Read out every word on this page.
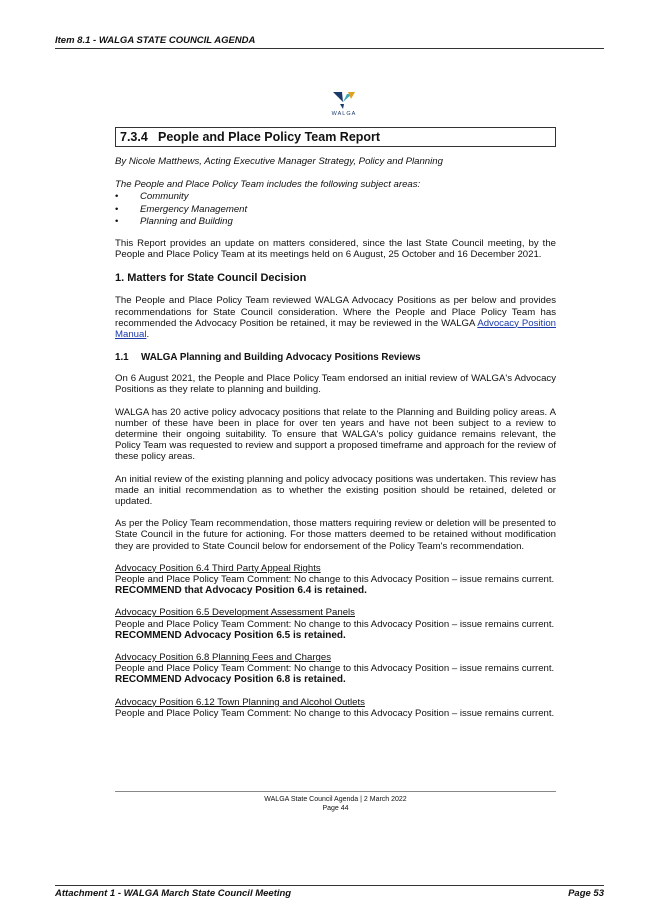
Item 8.1 - WALGA STATE COUNCIL AGENDA
WALGA
7.3.4 People and Place Policy Team Report

By Nicole Matthews, Acting Executive Manager Strategy, Policy and Planning

The People and Place Policy Team includes the following subject areas:

• Community
• Emergency Management
• Planning and Building

This Report provides an update on matters considered, since the last State Council meeting, by the People and Place Policy Team at its meetings held on 6 August, 25 October and 16 December 2021.

1. Matters for State Council Decision

The People and Place Policy Team reviewed WALGA Advocacy Positions as per below and provides recommendations for State Council consideration. Where the People and Place Policy Team has recommended the Advocacy Position be retained, it may be reviewed in the WALGA Advocacy Position Manual.

1.1 WALGA Planning and Building Advocacy Positions Reviews

On 6 August 2021, the People and Place Policy Team endorsed an initial review of WALGA's Advocacy Positions as they relate to planning and building.

WALGA has 20 active policy advocacy positions that relate to the Planning and Building policy areas. A number of these have been in place for over ten years and have not been subject to a review to determine their ongoing suitability. To ensure that WALGA's policy guidance remains relevant, the Policy Team was requested to review and support a proposed timeframe and approach for the review of these policy areas.

An initial review of the existing planning and policy advocacy positions was undertaken. This review has made an initial recommendation as to whether the existing position should be retained, deleted or updated.

As per the Policy Team recommendation, those matters requiring review or deletion will be presented to State Council in the future for actioning. For those matters deemed to be retained without modification they are provided to State Council below for endorsement of the Policy Team's recommendation.

Advocacy Position 6.4 Third Party Appeal Rights

People and Place Policy Team Comment: No change to this Advocacy Position – issue remains current.

RECOMMEND that Advocacy Position 6.4 is retained.

Advocacy Position 6.5 Development Assessment Panels

People and Place Policy Team Comment: No change to this Advocacy Position – issue remains current.

RECOMMEND Advocacy Position 6.5 is retained.

Advocacy Position 6.8 Planning Fees and Charges

People and Place Policy Team Comment: No change to this Advocacy Position – issue remains current.

RECOMMEND Advocacy Position 6.8 is retained.

Advocacy Position 6.12 Town Planning and Alcohol Outlets

People and Place Policy Team Comment: No change to this Advocacy Position – issue remains current.

WALGA State Council Agenda | 2 March 2022
Page 44
Attachment 1 - WALGA March State Council Meeting	Page 53
